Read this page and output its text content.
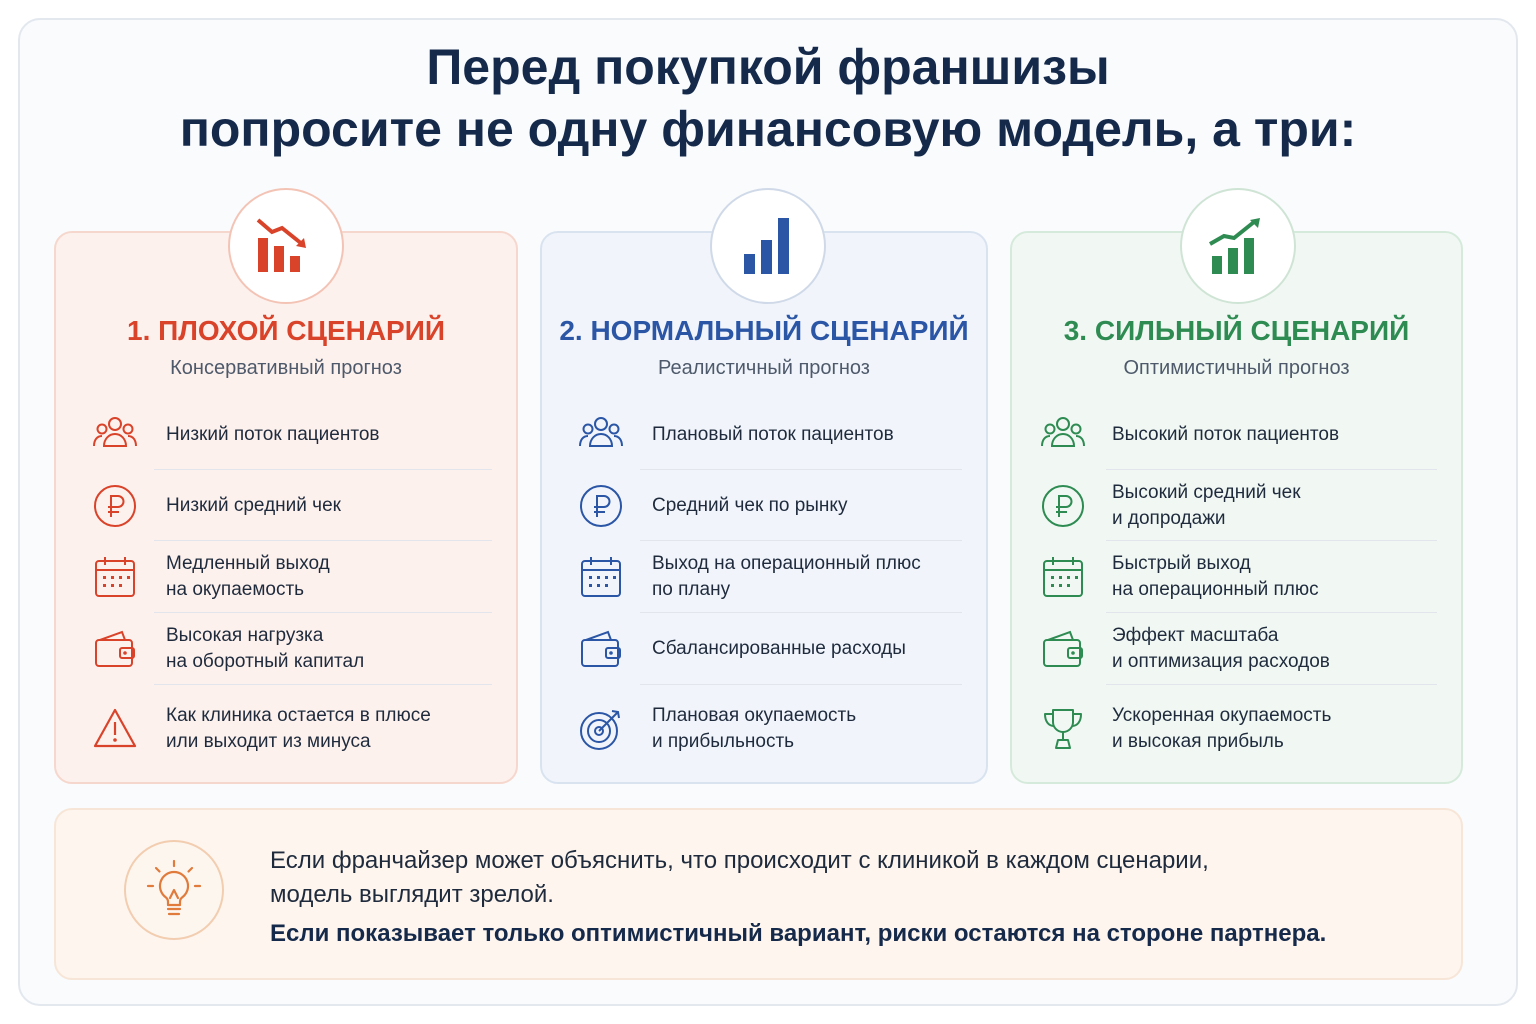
Перед покупкой франшизы
попросите не одну финансовую модель, а три:
1. ПЛОХОЙ СЦЕНАРИЙ
Консервативный прогноз
Низкий поток пациентов
Низкий средний чек
Медленный выход
на окупаемость
Высокая нагрузка
на оборотный капитал
Как клиника остается в плюсе
или выходит из минуса
2. НОРМАЛЬНЫЙ СЦЕНАРИЙ
Реалистичный прогноз
Плановый поток пациентов
Средний чек по рынку
Выход на операционный плюс
по плану
Сбалансированные расходы
Плановая окупаемость
и прибыльность
3. СИЛЬНЫЙ СЦЕНАРИЙ
Оптимистичный прогноз
Высокий поток пациентов
Высокий средний чек
и допродажи
Быстрый выход
на операционный плюс
Эффект масштаба
и оптимизация расходов
Ускоренная окупаемость
и высокая прибыль
Если франчайзер может объяснить, что происходит с клиникой в каждом сценарии,
модель выглядит зрелой.
Если показывает только оптимистичный вариант, риски остаются на стороне партнера.
